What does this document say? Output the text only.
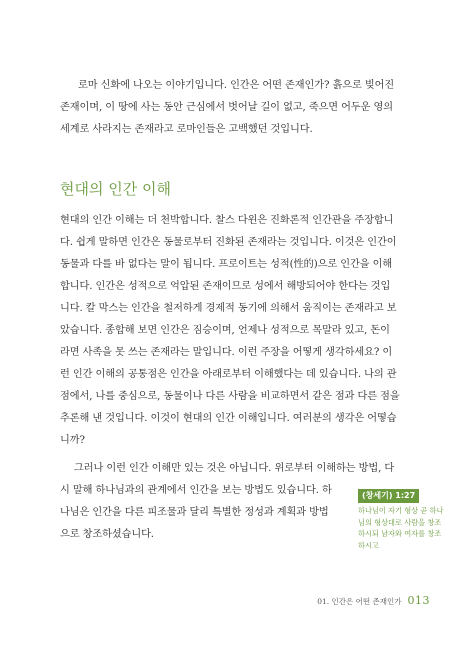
로마 신화에 나오는 이야기입니다. 인간은 어떤 존재인가? 흙으로 빚어진
존재이며, 이 땅에 사는 동안 근심에서 벗어날 길이 없고, 죽으면 어두운 영의
세계로 사라지는 존재라고 로마인들은 고백했던 것입니다.
현대의 인간 이해
현대의 인간 이해는 더 천박합니다. 찰스 다윈은 진화론적 인간관을 주장합니
다. 쉽게 말하면 인간은 동물로부터 진화된 존재라는 것입니다. 이것은 인간이
동물과 다를 바 없다는 말이 됩니다. 프로이트는 성적(性的)으로 인간을 이해
합니다. 인간은 성적으로 억압된 존재이므로 성에서 해방되어야 한다는 것입
니다. 칼 막스는 인간을 철저하게 경제적 동기에 의해서 움직이는 존재라고 보
았습니다. 종합해 보면 인간은 짐승이며, 언제나 성적으로 목말라 있고, 돈이
라면 사족을 못 쓰는 존재라는 말입니다. 이런 주장을 어떻게 생각하세요? 이
런 인간 이해의 공통점은 인간을 아래로부터 이해했다는 데 있습니다. 나의 관
점에서, 나를 중심으로, 동물이나 다른 사람을 비교하면서 같은 점과 다른 점을
추론해 낸 것입니다. 이것이 현대의 인간 이해입니다. 여러분의 생각은 어떻습
니까?
그러나 이런 인간 이해만 있는 것은 아닙니다. 위로부터 이해하는 방법, 다
시 말해 하나님과의 관계에서 인간을 보는 방법도 있습니다. 하
나님은 인간을 다른 피조물과 달리 특별한 정성과 계획과 방법
으로 창조하셨습니다.
(창세기) 1:27
하나님이 자기 형상 곧 하나
님의 형상대로 사람을 창조
하시되 남자와 여자를 창조
하시고
01. 인간은 어떤 존재인가 013
